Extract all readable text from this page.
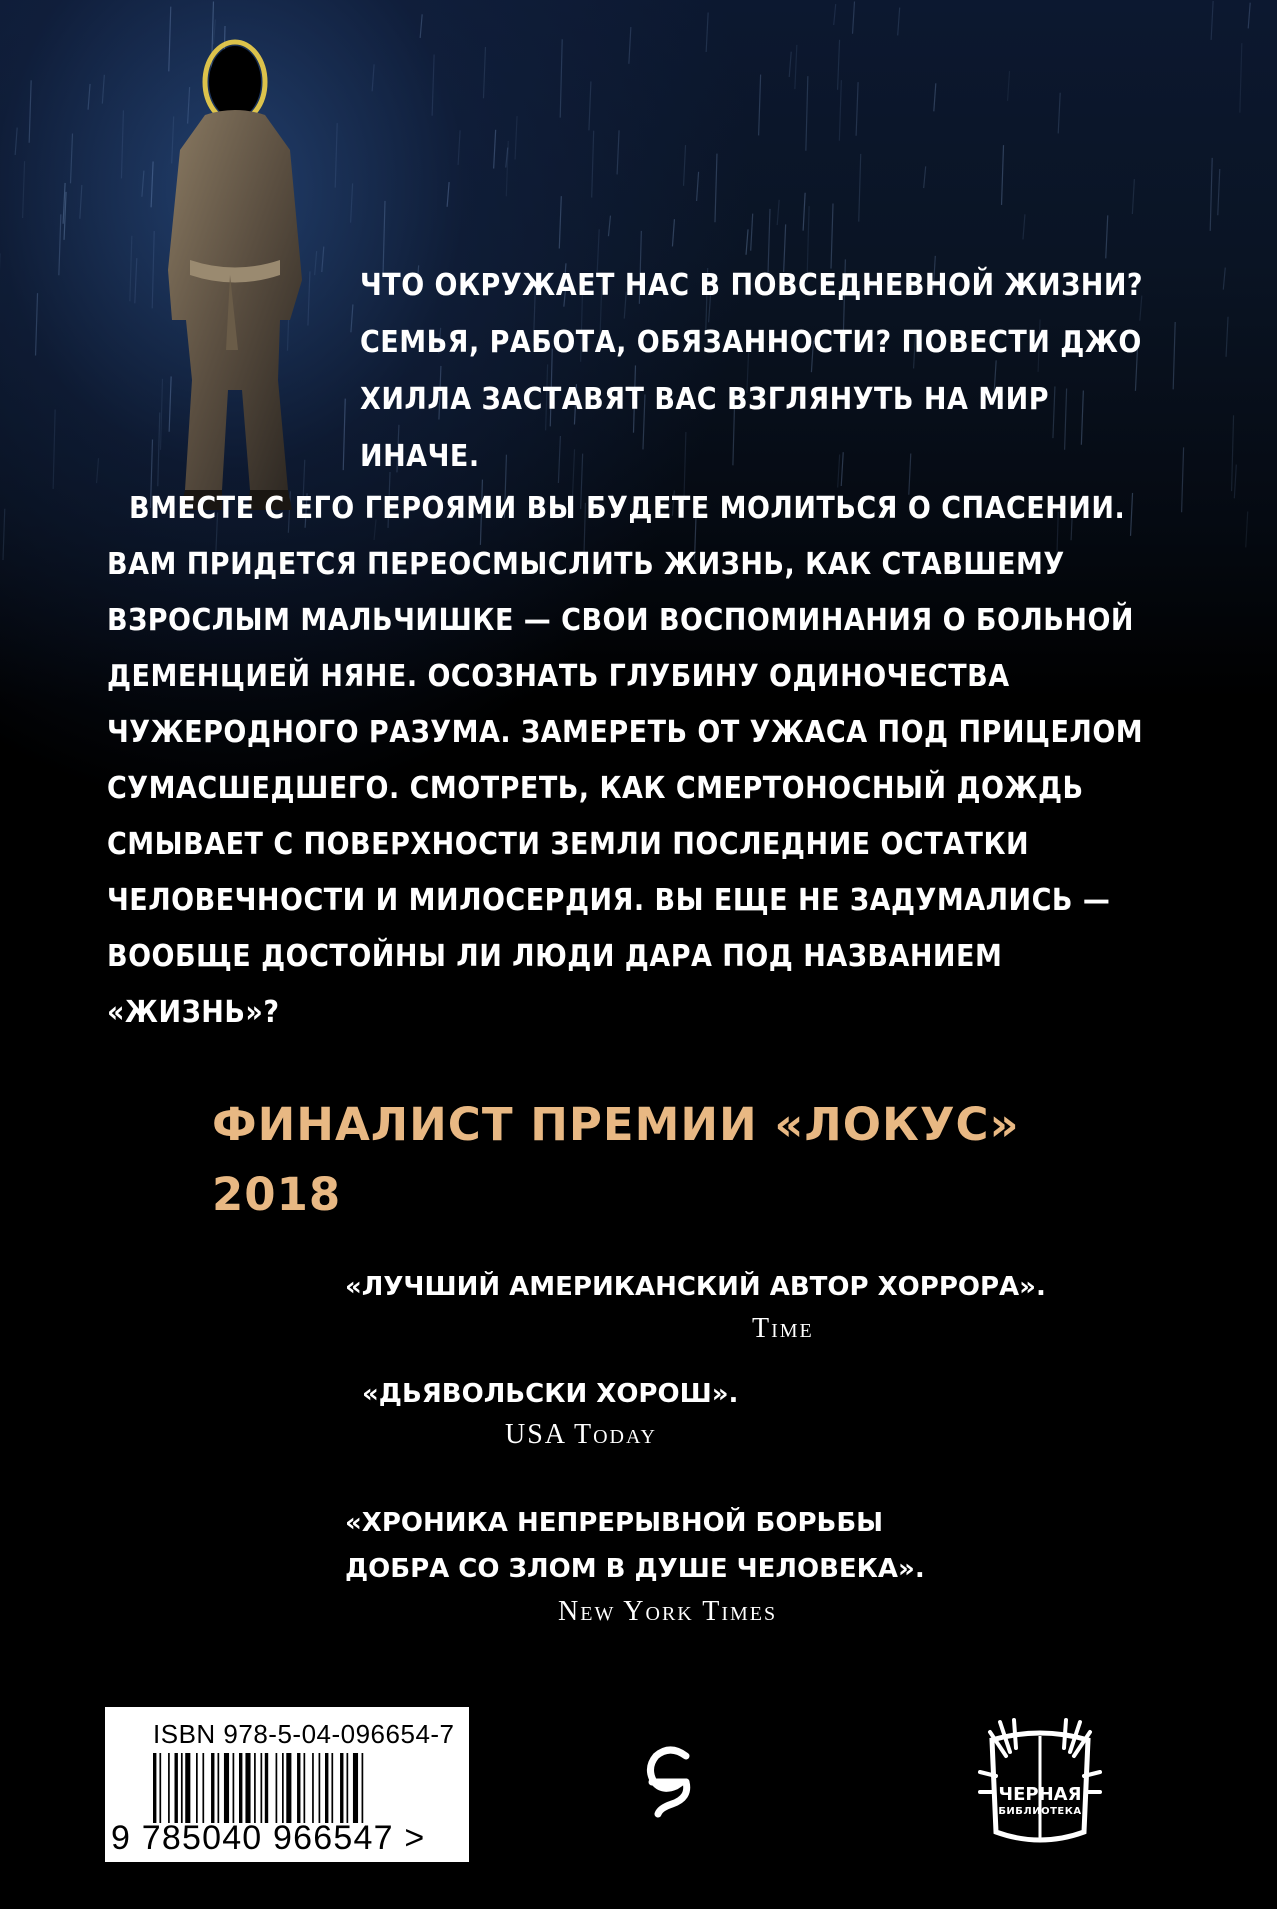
ЧТО ОКРУЖАЕТ НАС В ПОВСЕДНЕВНОЙ ЖИЗНИ? СЕМЬЯ, РАБОТА, ОБЯЗАННОСТИ? ПОВЕСТИ ДЖО ХИЛЛА ЗАСТАВЯТ ВАС ВЗГЛЯНУТЬ НА МИР ИНАЧЕ.

ВМЕСТЕ С ЕГО ГЕРОЯМИ ВЫ БУДЕТЕ МОЛИТЬСЯ О СПАСЕНИИ. ВАМ ПРИДЕТСЯ ПЕРЕОСМЫСЛИТЬ ЖИЗНЬ, КАК СТАВШЕМУ ВЗРОСЛЫМ МАЛЬЧИШКЕ — СВОИ ВОСПОМИНАНИЯ О БОЛЬНОЙ ДЕМЕНЦИЕЙ НЯНЕ. ОСОЗНАТЬ ГЛУБИНУ ОДИНОЧЕСТВА ЧУЖЕРОДНОГО РАЗУМА. ЗАМЕРЕТЬ ОТ УЖАСА ПОД ПРИЦЕЛОМ СУМАСШЕДШЕГО. СМОТРЕТЬ, КАК СМЕРТОНОСНЫЙ ДОЖДЬ СМЫВАЕТ С ПОВЕРХНОСТИ ЗЕМЛИ ПОСЛЕДНИЕ ОСТАТКИ ЧЕЛОВЕЧНОСТИ И МИЛОСЕРДИЯ. ВЫ ЕЩЕ НЕ ЗАДУМАЛИСЬ — ВООБЩЕ ДОСТОЙНЫ ЛИ ЛЮДИ ДАРА ПОД НАЗВАНИЕМ «ЖИЗНЬ»?

ФИНАЛИСТ ПРЕМИИ «ЛОКУС» 2018

«ЛУЧШИЙ АМЕРИКАНСКИЙ АВТОР ХОРРОРА».

Time

«ДЬЯВОЛЬСКИ ХОРОШ».

USA Today

«ХРОНИКА НЕПРЕРЫВНОЙ БОРЬБЫ ДОБРА СО ЗЛОМ В ДУШЕ ЧЕЛОВЕКА».

New York Times

ISBN 978-5-04-096654-7
9 785040 966547 >
ЧЕРНАЯ
БИБЛИОТЕКА
